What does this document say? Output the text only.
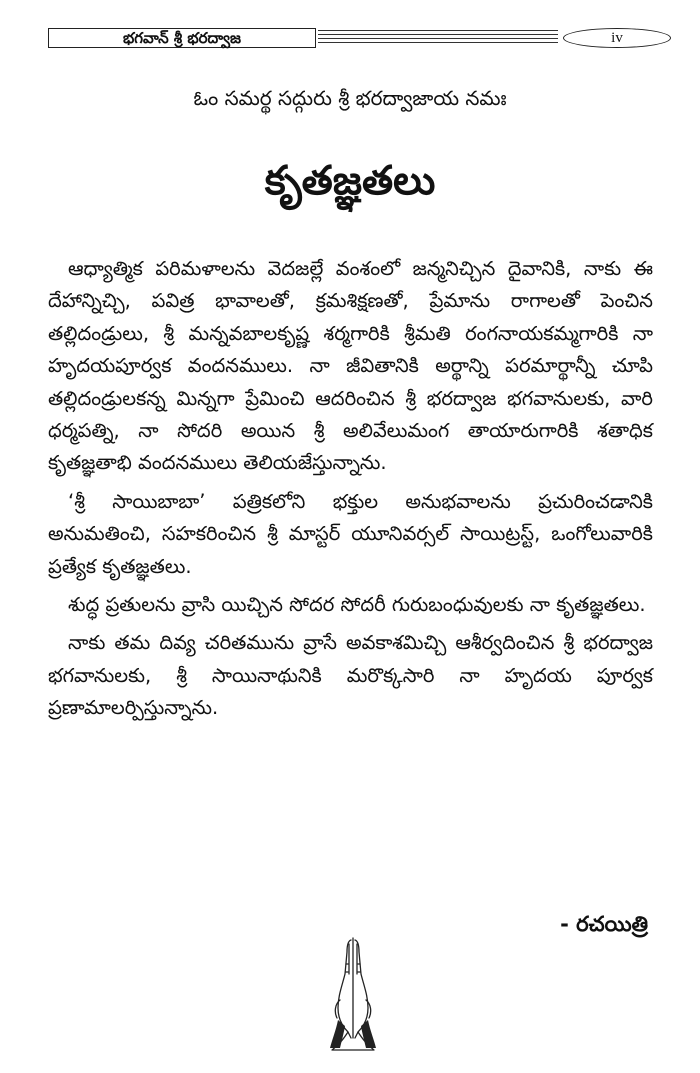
భగవాన్ శ్రీ భరద్వాజ	iv
ఓం సమర్థ సద్గురు శ్రీ భరద్వాజాయ నమః
కృతజ్ఞతలు

ఆధ్యాత్మిక పరిమళాలను వెదజల్లే వంశంలో జన్మనిచ్చిన దైవానికి, నాకు ఈ దేహాన్నిచ్చి, పవిత్ర భావాలతో, క్రమశిక్షణతో, ప్రేమాను రాగాలతో పెంచిన తల్లిదండ్రులు, శ్రీ మన్నవబాలకృష్ణ శర్మగారికి శ్రీమతి రంగనాయకమ్మగారికి నా హృదయపూర్వక వందనములు. నా జీవితానికి అర్థాన్ని పరమార్థాన్నీ చూపి తల్లిదండ్రులకన్న మిన్నగా ప్రేమించి ఆదరించిన శ్రీ భరద్వాజ భగవానులకు, వారి ధర్మపత్ని, నా సోదరి అయిన శ్రీ అలివేలుమంగ తాయారుగారికి శతాధిక కృతజ్ఞతాభి వందనములు తెలియజేస్తున్నాను.

‘శ్రీ సాయిబాబా’ పత్రికలోని భక్తుల అనుభవాలను ప్రచురించడానికి అనుమతించి, సహకరించిన శ్రీ మాస్టర్ యూనివర్సల్ సాయిట్రస్ట్, ఒంగోలువారికి ప్రత్యేక కృతజ్ఞతలు.

శుద్ధ ప్రతులను వ్రాసి యిచ్చిన సోదర సోదరీ గురుబంధువులకు నా కృతజ్ఞతలు.

నాకు తమ దివ్య చరితమును వ్రాసే అవకాశమిచ్చి ఆశీర్వదించిన శ్రీ భరద్వాజ భగవానులకు, శ్రీ సాయినాథునికి మరొక్కసారి నా హృదయ పూర్వక ప్రణామాలర్పిస్తున్నాను.

- రచయిత్రి
